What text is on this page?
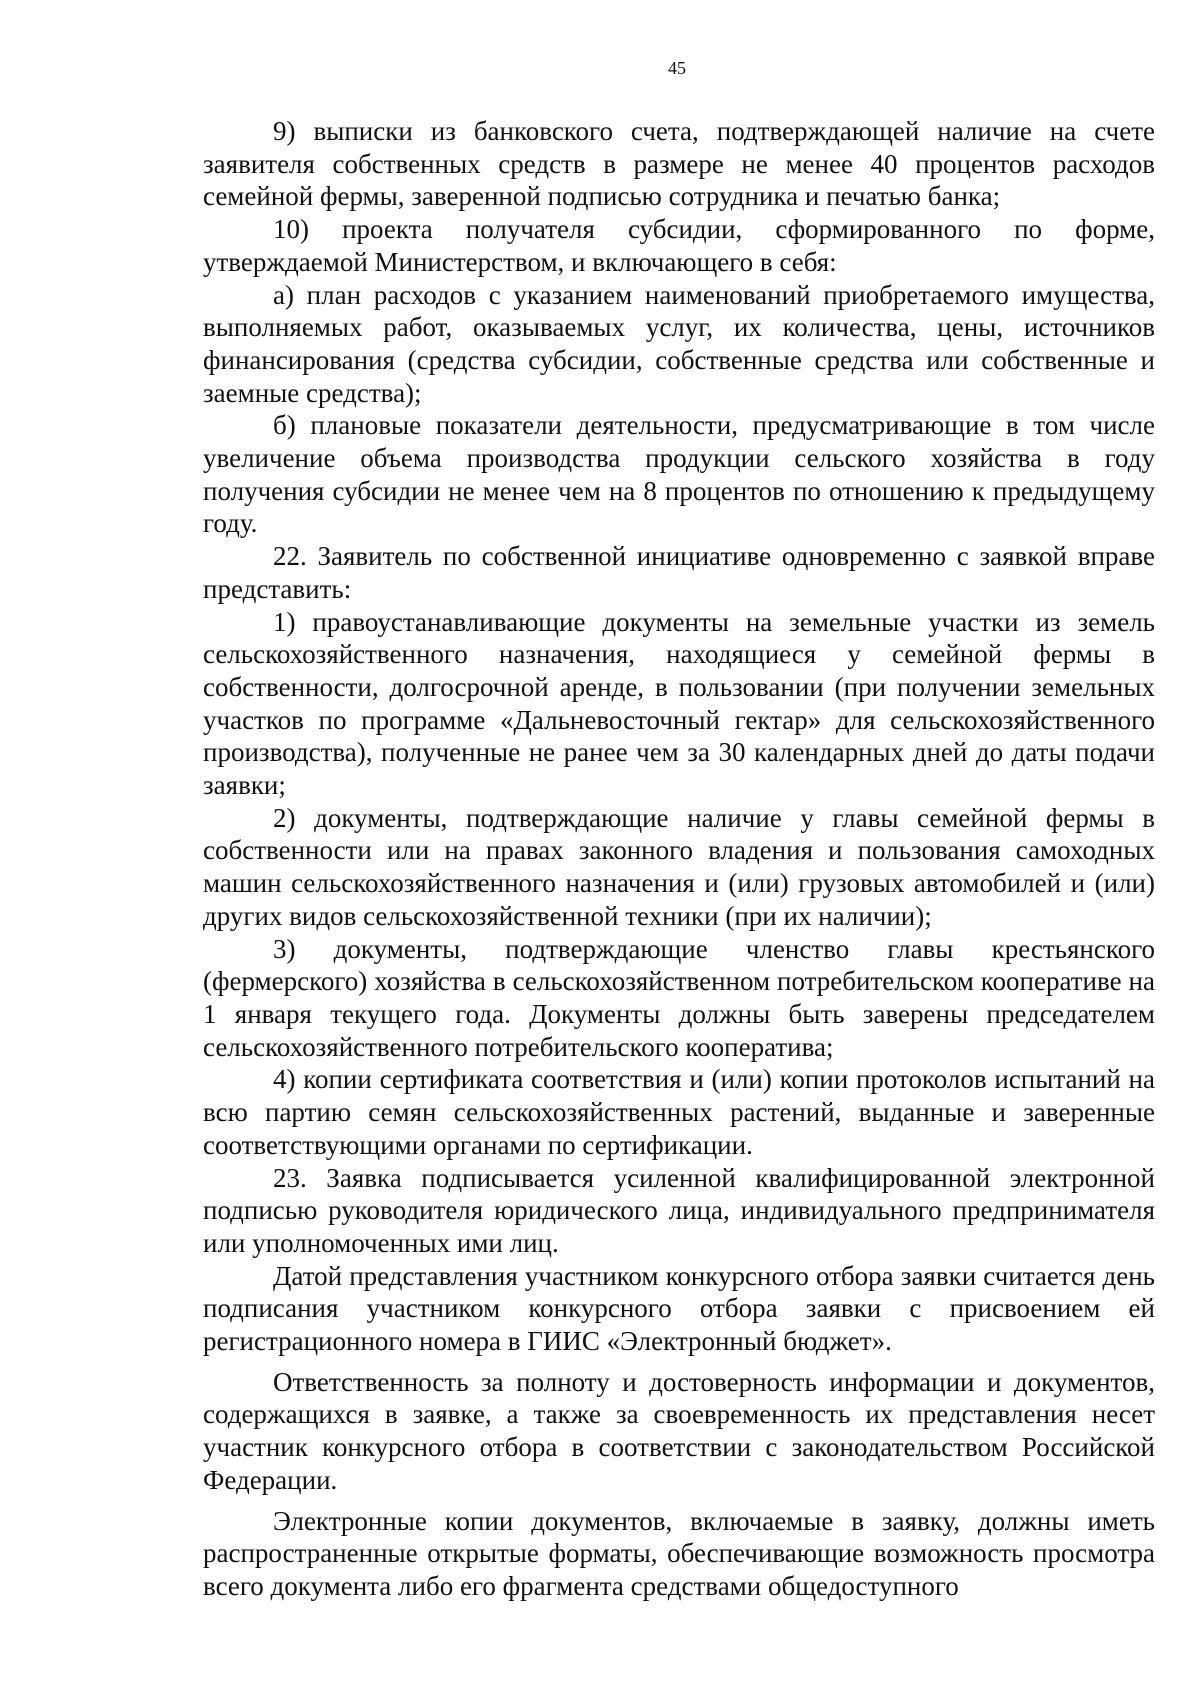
45

9) выписки из банковского счета, подтверждающей наличие на счете заявителя собственных средств в размере не менее 40 процентов расходов семейной фермы, заверенной подписью сотрудника и печатью банка;

10) проекта получателя субсидии, сформированного по форме, утверждаемой Министерством, и включающего в себя:

а) план расходов с указанием наименований приобретаемого имущества, выполняемых работ, оказываемых услуг, их количества, цены, источников финансирования (средства субсидии, собственные средства или собственные и заемные средства);

б) плановые показатели деятельности, предусматривающие в том числе увеличение объема производства продукции сельского хозяйства в году получения субсидии не менее чем на 8 процентов по отношению к предыдущему году.

22. Заявитель по собственной инициативе одновременно с заявкой вправе представить:

1) правоустанавливающие документы на земельные участки из земель сельскохозяйственного назначения, находящиеся у семейной фермы в собственности, долгосрочной аренде, в пользовании (при получении земельных участков по программе «Дальневосточный гектар» для сельскохозяйственного производства), полученные не ранее чем за 30 календарных дней до даты подачи заявки;

2) документы, подтверждающие наличие у главы семейной фермы в собственности или на правах законного владения и пользования самоходных машин сельскохозяйственного назначения и (или) грузовых автомобилей и (или) других видов сельскохозяйственной техники (при их наличии);

3) документы, подтверждающие членство главы крестьянского (фермерского) хозяйства в сельскохозяйственном потребительском кооперативе на 1 января текущего года. Документы должны быть заверены председателем сельскохозяйственного потребительского кооператива;

4) копии сертификата соответствия и (или) копии протоколов испытаний на всю партию семян сельскохозяйственных растений, выданные и заверенные соответствующими органами по сертификации.

23. Заявка подписывается усиленной квалифицированной электронной подписью руководителя юридического лица, индивидуального предпринимателя или уполномоченных ими лиц.

Датой представления участником конкурсного отбора заявки считается день подписания участником конкурсного отбора заявки с присвоением ей регистрационного номера в ГИИС «Электронный бюджет».

Ответственность за полноту и достоверность информации и документов, содержащихся в заявке, а также за своевременность их представления несет участник конкурсного отбора в соответствии с законодательством Российской Федерации.

Электронные копии документов, включаемые в заявку, должны иметь распространенные открытые форматы, обеспечивающие возможность просмотра всего документа либо его фрагмента средствами общедоступного
